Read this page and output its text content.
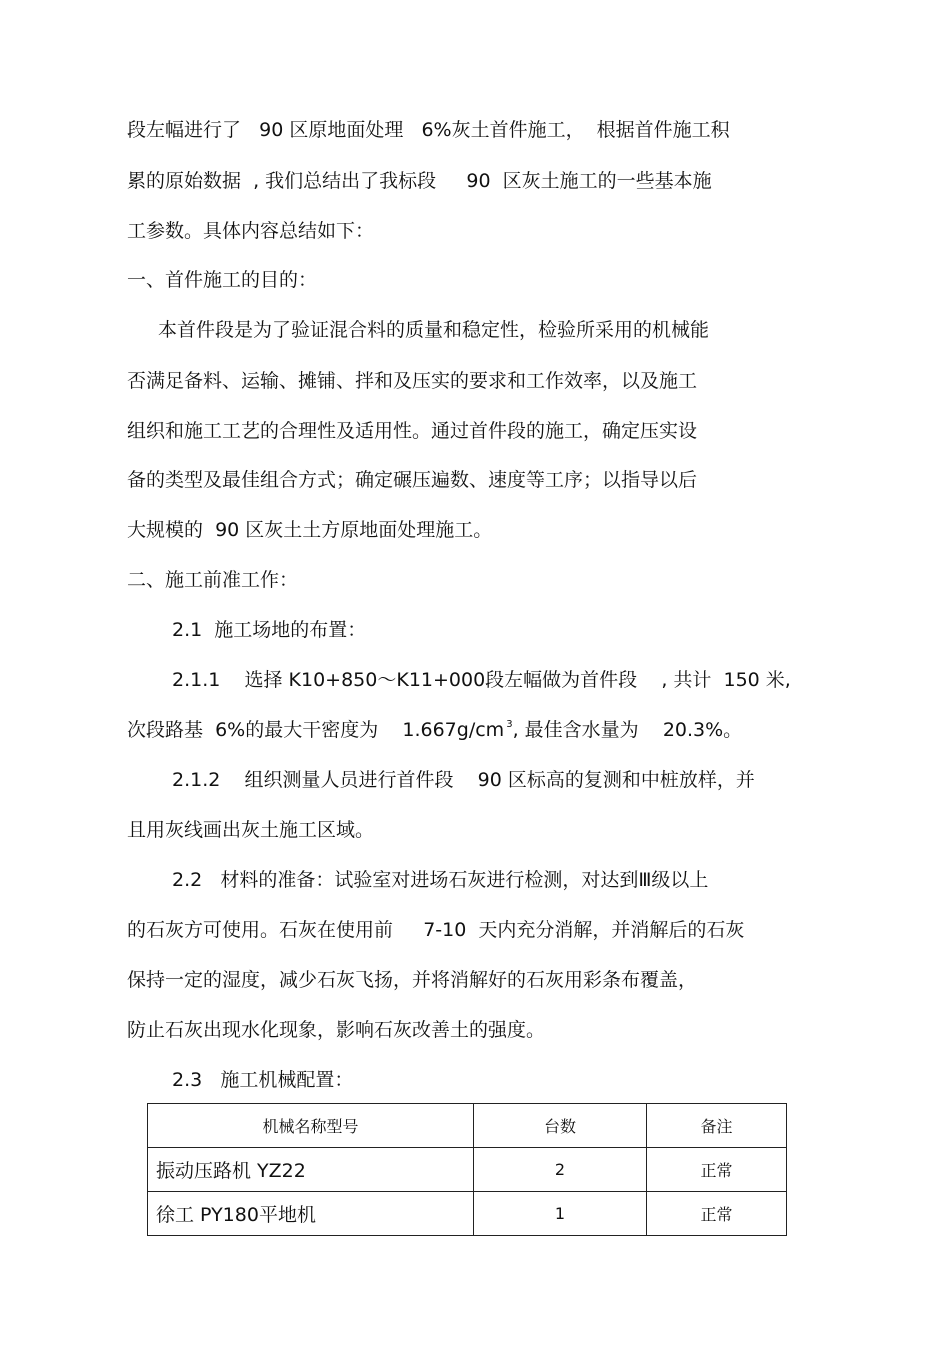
段左幅进行了   90 区原地面处理   6%灰土首件施工，  根据首件施工积
累的原始数据  , 我们总结出了我标段     90  区灰土施工的一些基本施
工参数。具体内容总结如下：
一、首件施工的目的：
本首件段是为了验证混合料的质量和稳定性，检验所采用的机械能
否满足备料、运输、摊铺、拌和及压实的要求和工作效率，以及施工
组织和施工工艺的合理性及适用性。通过首件段的施工，确定压实设
备的类型及最佳组合方式；确定碾压遍数、速度等工序；以指导以后
大规模的  90 区灰土土方原地面处理施工。
二、施工前准工作：
2.1  施工场地的布置：
2.1.1    选择 K10+850～K11+000段左幅做为首件段    , 共计  150 米,
次段路基  6%的最大干密度为    1.667g/cm $^3$, 最佳含水量为    20.3%。
2.1.2    组织测量人员进行首件段    90 区标高的复测和中桩放样，并
且用灰线画出灰土施工区域。
2.2   材料的准备：试验室对进场石灰进行检测，对达到Ⅲ级以上
的石灰方可使用。石灰在使用前     7-10  天内充分消解，并消解后的石灰
保持一定的湿度，减少石灰飞扬，并将消解好的石灰用彩条布覆盖，
防止石灰出现水化现象，影响石灰改善土的强度。
2.3   施工机械配置：
机械名称型号	台数	备注
振动压路机 YZ22	2	正常
徐工 PY180平地机	1	正常
